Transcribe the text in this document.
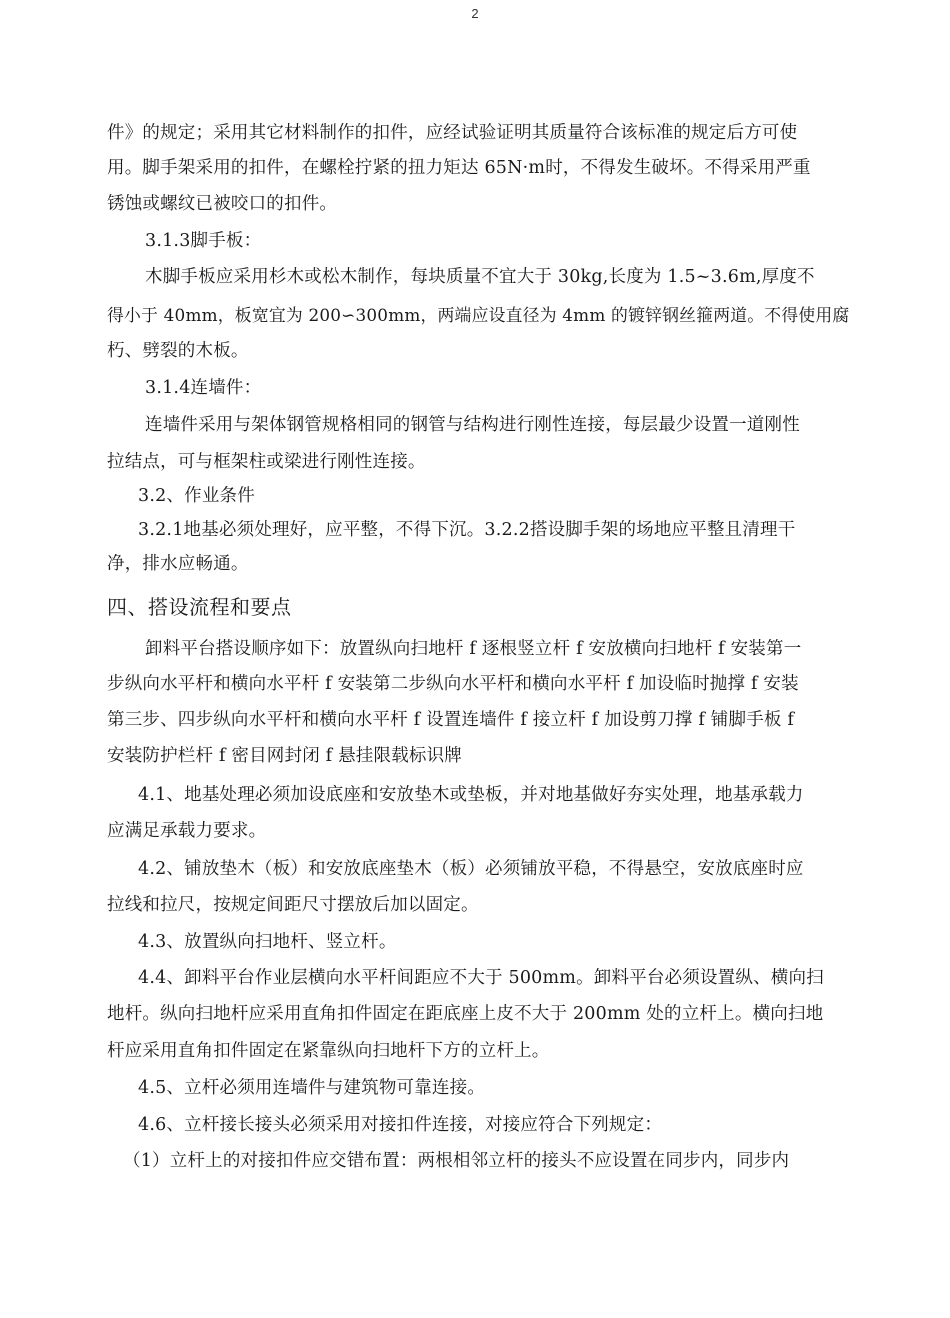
2
件》的规定；采用其它材料制作的扣件，应经试验证明其质量符合该标准的规定后方可使
用。脚手架采用的扣件，在螺栓拧紧的扭力矩达 65N·m时，不得发生破坏。不得采用严重
锈蚀或螺纹已被咬口的扣件。
3.1.3脚手板：
木脚手板应采用杉木或松木制作，每块质量不宜大于 30kg,长度为 1.5~3.6m,厚度不
得小于 40mm，板宽宜为 200∽300mm，两端应设直径为 4mm 的镀锌钢丝箍两道。不得使用腐
朽、劈裂的木板。
3.1.4连墙件：
连墙件采用与架体钢管规格相同的钢管与结构进行刚性连接，每层最少设置一道刚性
拉结点，可与框架柱或梁进行刚性连接。
3.2、作业条件
3.2.1地基必须处理好，应平整，不得下沉。3.2.2搭设脚手架的场地应平整且清理干
净，排水应畅通。
四、搭设流程和要点
卸料平台搭设顺序如下：放置纵向扫地杆 f 逐根竖立杆 f 安放横向扫地杆 f 安装第一
步纵向水平杆和横向水平杆 f 安装第二步纵向水平杆和横向水平杆 f 加设临时抛撑 f 安装
第三步、四步纵向水平杆和横向水平杆 f 设置连墙件 f 接立杆 f 加设剪刀撑 f 铺脚手板 f
安装防护栏杆 f 密目网封闭 f 悬挂限载标识牌
4.1、地基处理必须加设底座和安放垫木或垫板，并对地基做好夯实处理，地基承载力
应满足承载力要求。
4.2、铺放垫木（板）和安放底座垫木（板）必须铺放平稳，不得悬空，安放底座时应
拉线和拉尺，按规定间距尺寸摆放后加以固定。
4.3、放置纵向扫地杆、竖立杆。
4.4、卸料平台作业层横向水平杆间距应不大于 500mm。卸料平台必须设置纵、横向扫
地杆。纵向扫地杆应采用直角扣件固定在距底座上皮不大于 200mm 处的立杆上。横向扫地
杆应采用直角扣件固定在紧靠纵向扫地杆下方的立杆上。
4.5、立杆必须用连墙件与建筑物可靠连接。
4.6、立杆接长接头必须采用对接扣件连接，对接应符合下列规定：
（1）立杆上的对接扣件应交错布置：两根相邻立杆的接头不应设置在同步内，同步内
